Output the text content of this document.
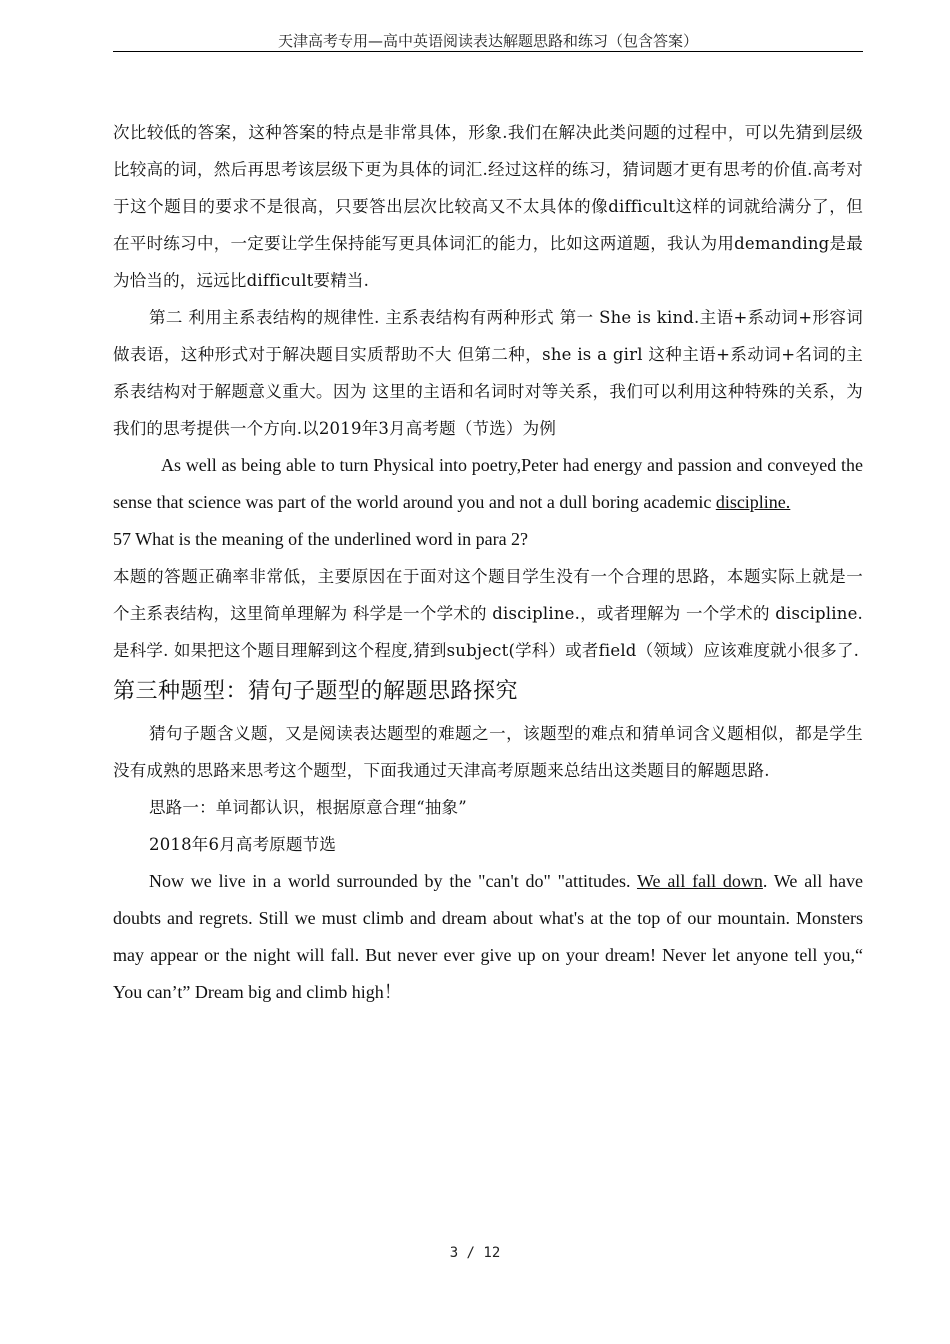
天津高考专用—高中英语阅读表达解题思路和练习（包含答案）

次比较低的答案，这种答案的特点是非常具体，形象.我们在解决此类问题的过程中，可以先猜到层级比较高的词，然后再思考该层级下更为具体的词汇.经过这样的练习，猜词题才更有思考的价值.高考对于这个题目的要求不是很高，只要答出层次比较高又不太具体的像difficult这样的词就给满分了，但在平时练习中，一定要让学生保持能写更具体词汇的能力，比如这两道题，我认为用demanding是最为恰当的，远远比difficult要精当.

第二 利用主系表结构的规律性. 主系表结构有两种形式 第一 She is kind.主语+系动词+形容词做表语，这种形式对于解决题目实质帮助不大 但第二种，she is a girl 这种主语+系动词+名词的主系表结构对于解题意义重大。因为 这里的主语和名词时对等关系，我们可以利用这种特殊的关系，为我们的思考提供一个方向.以2019年3月高考题（节选）为例

As well as being able to turn Physical into poetry,Peter had energy and passion and conveyed the sense that science was part of the world around you and not a dull boring academic discipline.

57 What is the meaning of the underlined word in para 2?

本题的答题正确率非常低，主要原因在于面对这个题目学生没有一个合理的思路，本题实际上就是一个主系表结构，这里简单理解为 科学是一个学术的 discipline.，或者理解为 一个学术的 discipline.是科学. 如果把这个题目理解到这个程度,猜到subject(学科）或者field（领域）应该难度就小很多了.

第三种题型：猜句子题型的解题思路探究

猜句子题含义题，又是阅读表达题型的难题之一，该题型的难点和猜单词含义题相似，都是学生没有成熟的思路来思考这个题型，下面我通过天津高考原题来总结出这类题目的解题思路.

思路一：单词都认识，根据原意合理“抽象”

2018年6月高考原题节选

Now we live in a world surrounded by the "can't do" "attitudes. We all fall down. We all have doubts and regrets. Still we must climb and dream about what's at the top of our mountain. Monsters may appear or the night will fall. But never ever give up on your dream! Never let anyone tell you,“ You can’t” Dream big and climb high！

3 / 12
